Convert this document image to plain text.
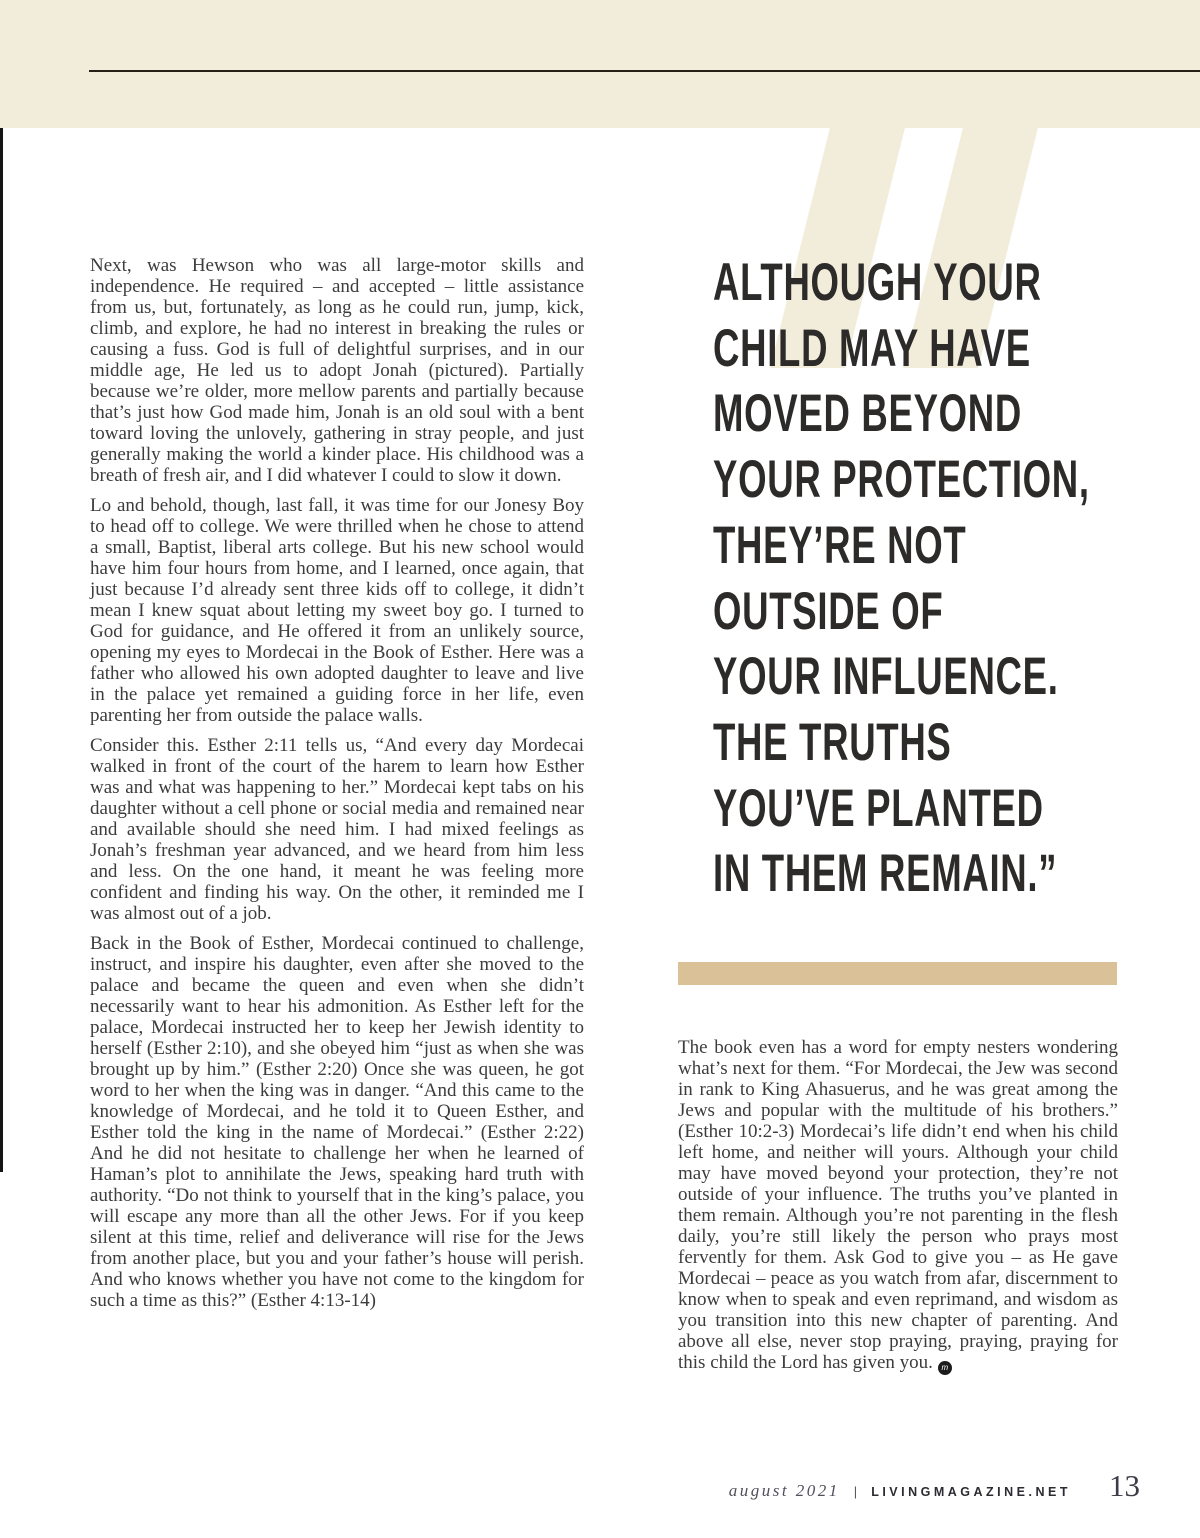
Next, was Hewson who was all large-motor skills and independence. He required – and accepted – little assistance from us, but, fortunately, as long as he could run, jump, kick, climb, and explore, he had no interest in breaking the rules or causing a fuss. God is full of delightful surprises, and in our middle age, He led us to adopt Jonah (pictured). Partially because we’re older, more mellow parents and partially because that’s just how God made him, Jonah is an old soul with a bent toward loving the unlovely, gathering in stray people, and just generally making the world a kinder place. His childhood was a breath of fresh air, and I did whatever I could to slow it down.

Lo and behold, though, last fall, it was time for our Jonesy Boy to head off to college. We were thrilled when he chose to attend a small, Baptist, liberal arts college. But his new school would have him four hours from home, and I learned, once again, that just because I’d already sent three kids off to college, it didn’t mean I knew squat about letting my sweet boy go. I turned to God for guidance, and He offered it from an unlikely source, opening my eyes to Mordecai in the Book of Esther. Here was a father who allowed his own adopted daughter to leave and live in the palace yet remained a guiding force in her life, even parenting her from outside the palace walls.

Consider this. Esther 2:11 tells us, “And every day Mordecai walked in front of the court of the harem to learn how Esther was and what was happening to her.” Mordecai kept tabs on his daughter without a cell phone or social media and remained near and available should she need him. I had mixed feelings as Jonah’s freshman year advanced, and we heard from him less and less. On the one hand, it meant he was feeling more confident and finding his way. On the other, it reminded me I was almost out of a job.

Back in the Book of Esther, Mordecai continued to challenge, instruct, and inspire his daughter, even after she moved to the palace and became the queen and even when she didn’t necessarily want to hear his admonition. As Esther left for the palace, Mordecai instructed her to keep her Jewish identity to herself (Esther 2:10), and she obeyed him “just as when she was brought up by him.” (Esther 2:20) Once she was queen, he got word to her when the king was in danger. “And this came to the knowledge of Mordecai, and he told it to Queen Esther, and Esther told the king in the name of Mordecai.” (Esther 2:22) And he did not hesitate to challenge her when he learned of Haman’s plot to annihilate the Jews, speaking hard truth with authority. “Do not think to yourself that in the king’s palace, you will escape any more than all the other Jews. For if you keep silent at this time, relief and deliverance will rise for the Jews from another place, but you and your father’s house will perish. And who knows whether you have not come to the kingdom for such a time as this?” (Esther 4:13-14)

ALTHOUGH YOUR
CHILD MAY HAVE
MOVED BEYOND
YOUR PROTECTION,
THEY’RE NOT
OUTSIDE OF
YOUR INFLUENCE.
THE TRUTHS
YOU’VE PLANTED
IN THEM REMAIN.”

The book even has a word for empty nesters wondering what’s next for them. “For Mordecai, the Jew was second in rank to King Ahasuerus, and he was great among the Jews and popular with the multitude of his brothers.” (Esther 10:2-3) Mordecai’s life didn’t end when his child left home, and neither will yours. Although your child may have moved beyond your protection, they’re not outside of your influence. The truths you’ve planted in them remain. Although you’re not parenting in the flesh daily, you’re still likely the person who prays most fervently for them. Ask God to give you – as He gave Mordecai – peace as you watch from afar, discernment to know when to speak and even reprimand, and wisdom as you transition into this new chapter of parenting. And above all else, never stop praying, praying, praying for this child the Lord has given you. m

august 2021 | LIVINGMAGAZINE.NET 13
